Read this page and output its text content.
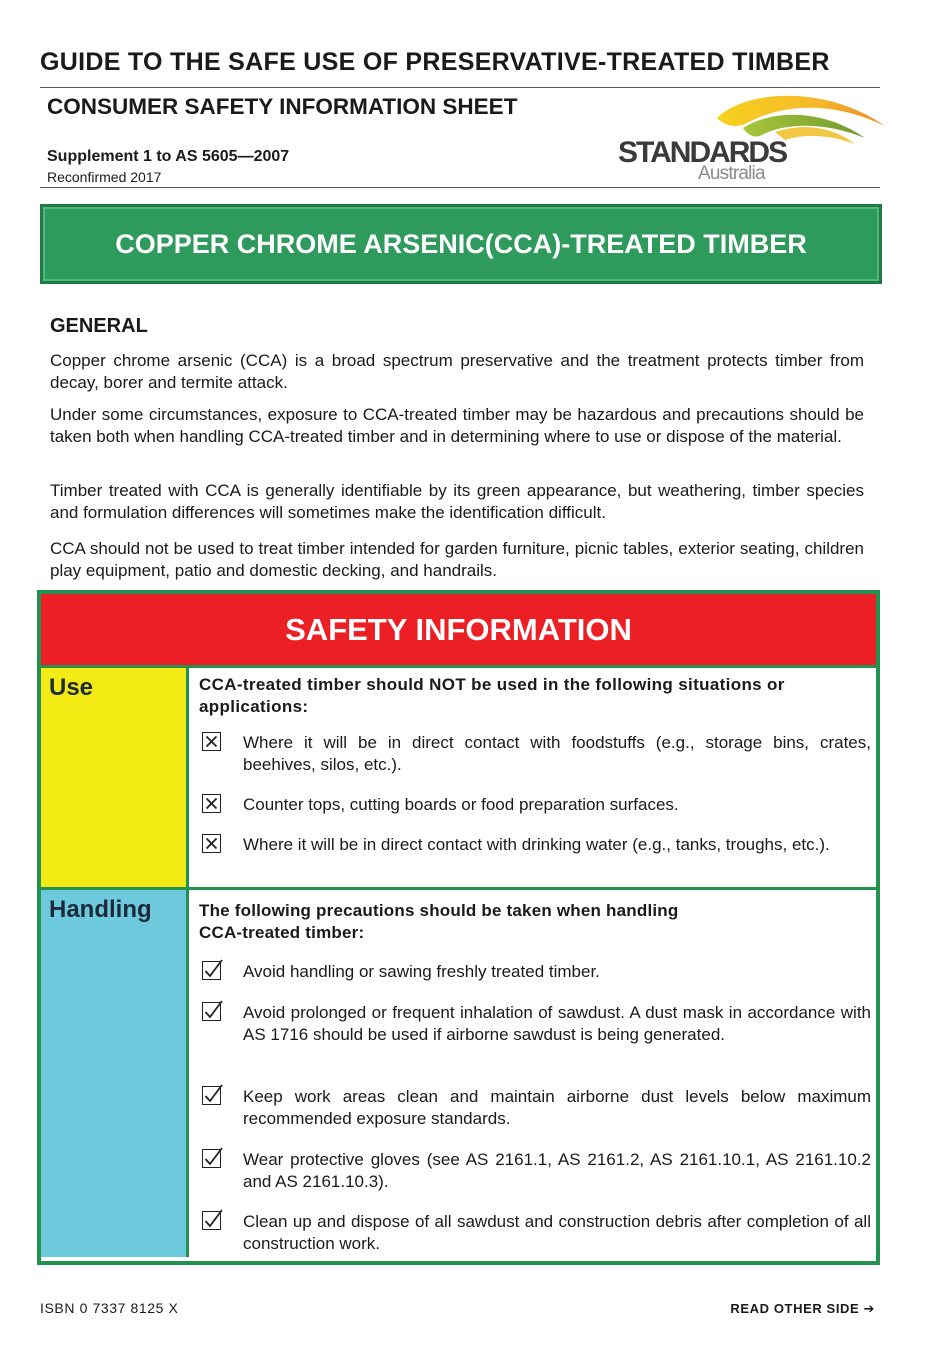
GUIDE TO THE SAFE USE OF PRESERVATIVE-TREATED TIMBER
CONSUMER SAFETY INFORMATION SHEET
Supplement 1 to AS 5605—2007
Reconfirmed 2017
STANDARDS
Australia
COPPER CHROME ARSENIC(CCA)-TREATED TIMBER
GENERAL

Copper chrome arsenic (CCA) is a broad spectrum preservative and the treatment protects timber from decay, borer and termite attack.

Under some circumstances, exposure to CCA-treated timber may be hazardous and precautions should be taken both when handling CCA-treated timber and in determining where to use or dispose of the material.

Timber treated with CCA is generally identifiable by its green appearance, but weathering, timber species and formulation differences will sometimes make the identification difficult.

CCA should not be used to treat timber intended for garden furniture, picnic tables, exterior seating, children play equipment, patio and domestic decking, and handrails.

SAFETY INFORMATION
Use	CCA-treated timber should NOT be used in the following situations or applications:

Where it will be in direct contact with foodstuffs (e.g., storage bins, crates, beehives, silos, etc.).

Counter tops, cutting boards or food preparation surfaces.

Where it will be in direct contact with drinking water (e.g., tanks, troughs, etc.).

Handling	The following precautions should be taken when handling
CCA-treated timber:

Avoid handling or sawing freshly treated timber.

Avoid prolonged or frequent inhalation of sawdust. A dust mask in accordance with AS 1716 should be used if airborne sawdust is being generated.

Keep work areas clean and maintain airborne dust levels below maximum recommended exposure standards.

Wear protective gloves (see AS 2161.1, AS 2161.2, AS 2161.10.1, AS 2161.10.2 and AS 2161.10.3).

Clean up and dispose of all sawdust and construction debris after completion of all construction work.

ISBN 0 7337 8125 X	READ OTHER SIDE ➔
